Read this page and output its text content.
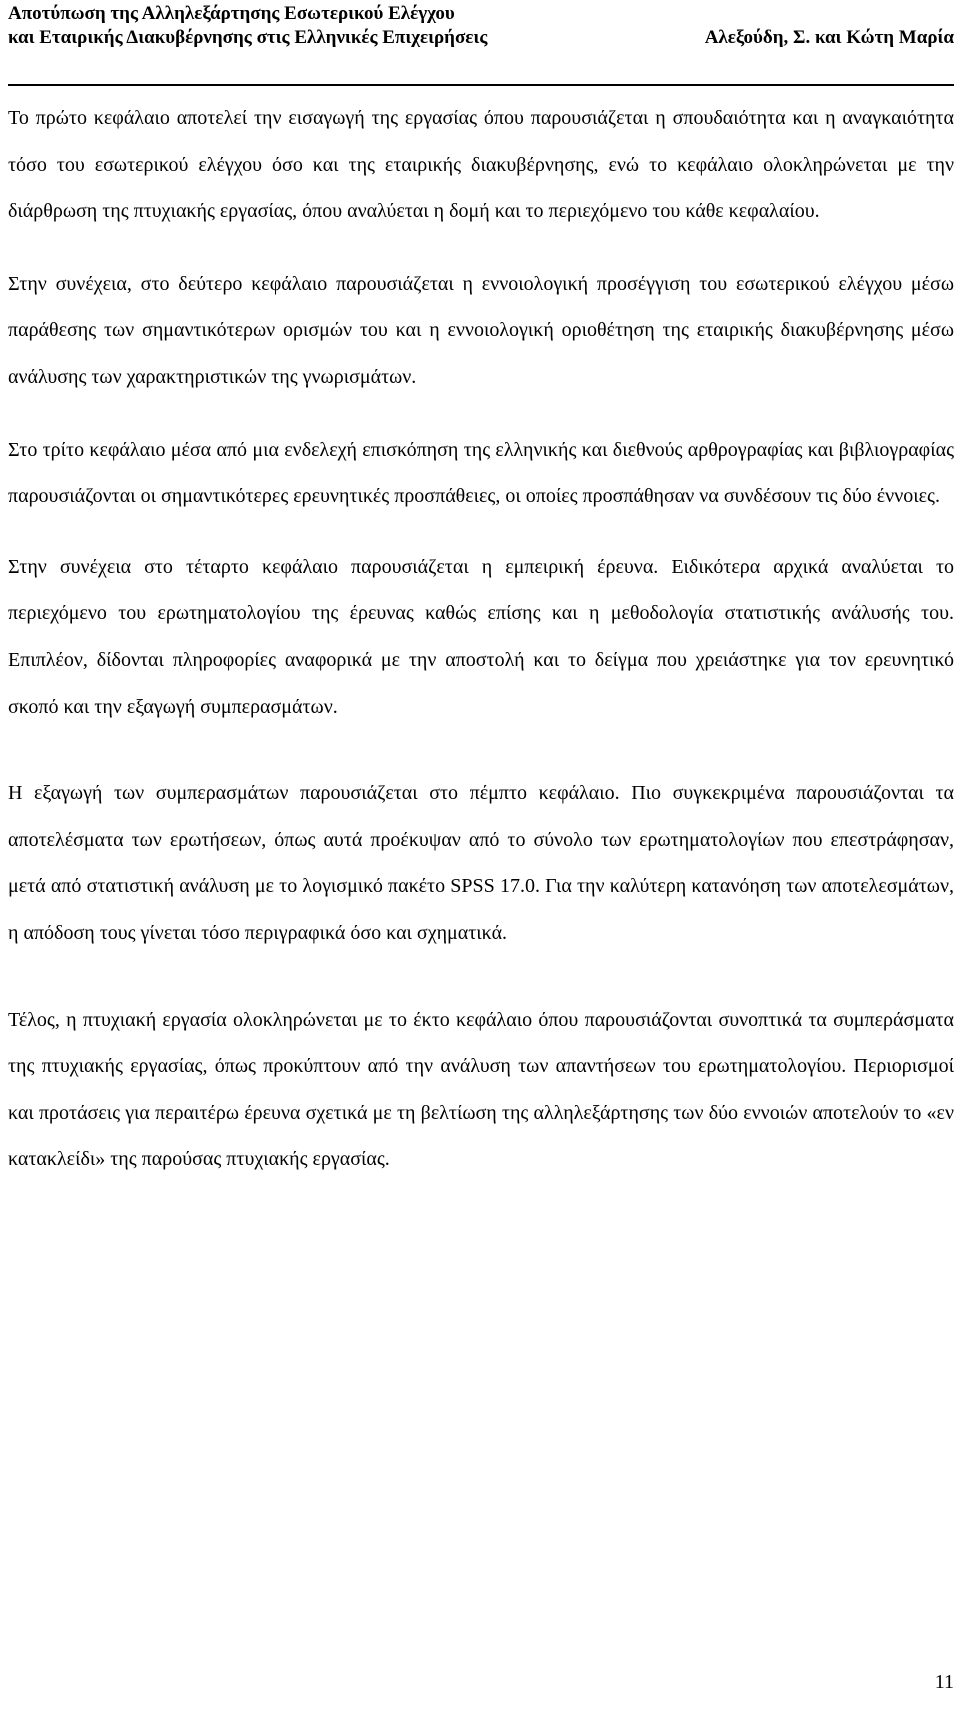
Αποτύπωση της Αλληλεξάρτησης Εσωτερικού Ελέγχου
και Εταιρικής Διακυβέρνησης στις Ελληνικές Επιχειρήσεις	Αλεξούδη, Σ. και Κώτη Μαρία

Το πρώτο κεφάλαιο αποτελεί την εισαγωγή της εργασίας όπου παρουσιάζεται η σπουδαιότητα και η αναγκαιότητα τόσο του εσωτερικού ελέγχου όσο και της εταιρικής διακυβέρνησης, ενώ το κεφάλαιο ολοκληρώνεται με την διάρθρωση της πτυχιακής εργασίας, όπου αναλύεται η δομή και το περιεχόμενο του κάθε κεφαλαίου.

Στην συνέχεια, στο δεύτερο κεφάλαιο παρουσιάζεται η εννοιολογική προσέγγιση του εσωτερικού ελέγχου μέσω παράθεσης των σημαντικότερων ορισμών του και η εννοιολογική οριοθέτηση της εταιρικής διακυβέρνησης μέσω ανάλυσης των χαρακτηριστικών της γνωρισμάτων.

Στο τρίτο κεφάλαιο μέσα από μια ενδελεχή επισκόπηση της ελληνικής και διεθνούς αρθρογραφίας και βιβλιογραφίας παρουσιάζονται οι σημαντικότερες ερευνητικές προσπάθειες, οι οποίες προσπάθησαν να συνδέσουν τις δύο έννοιες.

Στην συνέχεια στο τέταρτο κεφάλαιο παρουσιάζεται η εμπειρική έρευνα. Ειδικότερα αρχικά αναλύεται το περιεχόμενο του ερωτηματολογίου της έρευνας καθώς επίσης και η μεθοδολογία στατιστικής ανάλυσής του. Επιπλέον, δίδονται πληροφορίες αναφορικά με την αποστολή και το δείγμα που χρειάστηκε για τον ερευνητικό σκοπό και την εξαγωγή συμπερασμάτων.

Η εξαγωγή των συμπερασμάτων παρουσιάζεται στο πέμπτο κεφάλαιο. Πιο συγκεκριμένα παρουσιάζονται τα αποτελέσματα των ερωτήσεων, όπως αυτά προέκυψαν από το σύνολο των ερωτηματολογίων που επεστράφησαν, μετά από στατιστική ανάλυση με το λογισμικό πακέτο SPSS 17.0. Για την καλύτερη κατανόηση των αποτελεσμάτων, η απόδοση τους γίνεται τόσο περιγραφικά όσο και σχηματικά.

Τέλος, η πτυχιακή εργασία ολοκληρώνεται με το έκτο κεφάλαιο όπου παρουσιάζονται συνοπτικά τα συμπεράσματα της πτυχιακής εργασίας, όπως προκύπτουν από την ανάλυση των απαντήσεων του ερωτηματολογίου. Περιορισμοί και προτάσεις για περαιτέρω έρευνα σχετικά με τη βελτίωση της αλληλεξάρτησης των δύο εννοιών αποτελούν το «εν κατακλείδι» της παρούσας πτυχιακής εργασίας.

11
